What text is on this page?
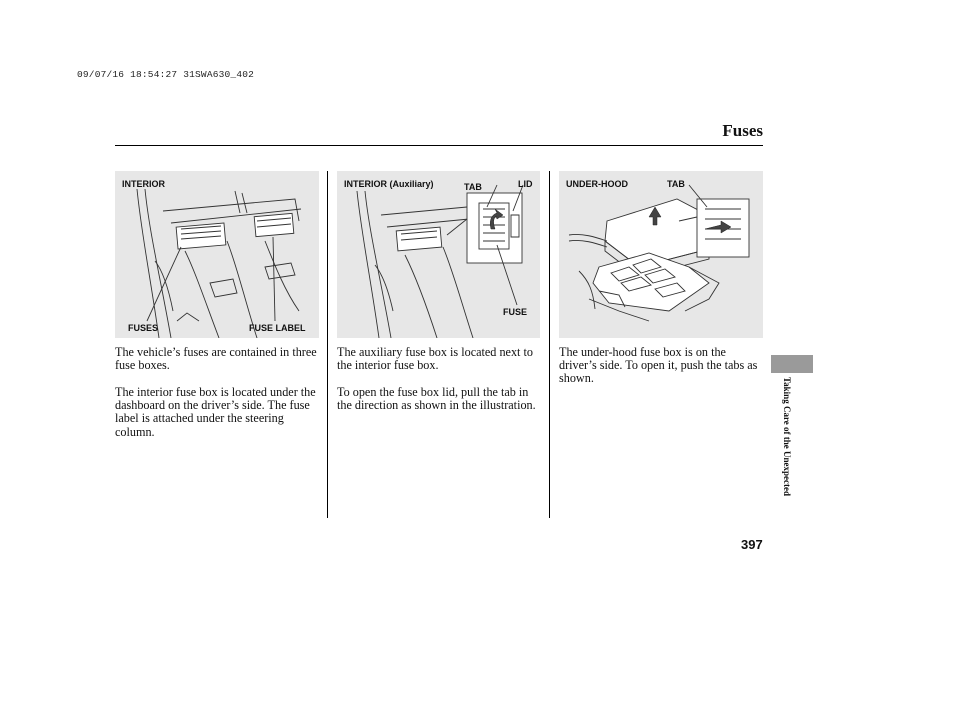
09/07/16 18:54:27 31SWA630_402
Fuses
INTERIOR
FUSES	FUSE LABEL
INTERIOR (Auxiliary)	TAB	LID
FUSE
UNDER-HOOD	TAB
The vehicle’s fuses are contained in three fuse boxes.
The interior fuse box is located under the dashboard on the driver’s side. The fuse label is attached under the steering column.
The auxiliary fuse box is located next to the interior fuse box.
To open the fuse box lid, pull the tab in the direction as shown in the illustration.
The under-hood fuse box is on the driver’s side. To open it, push the tabs as shown.	Taking Care of the Unexpected
397
